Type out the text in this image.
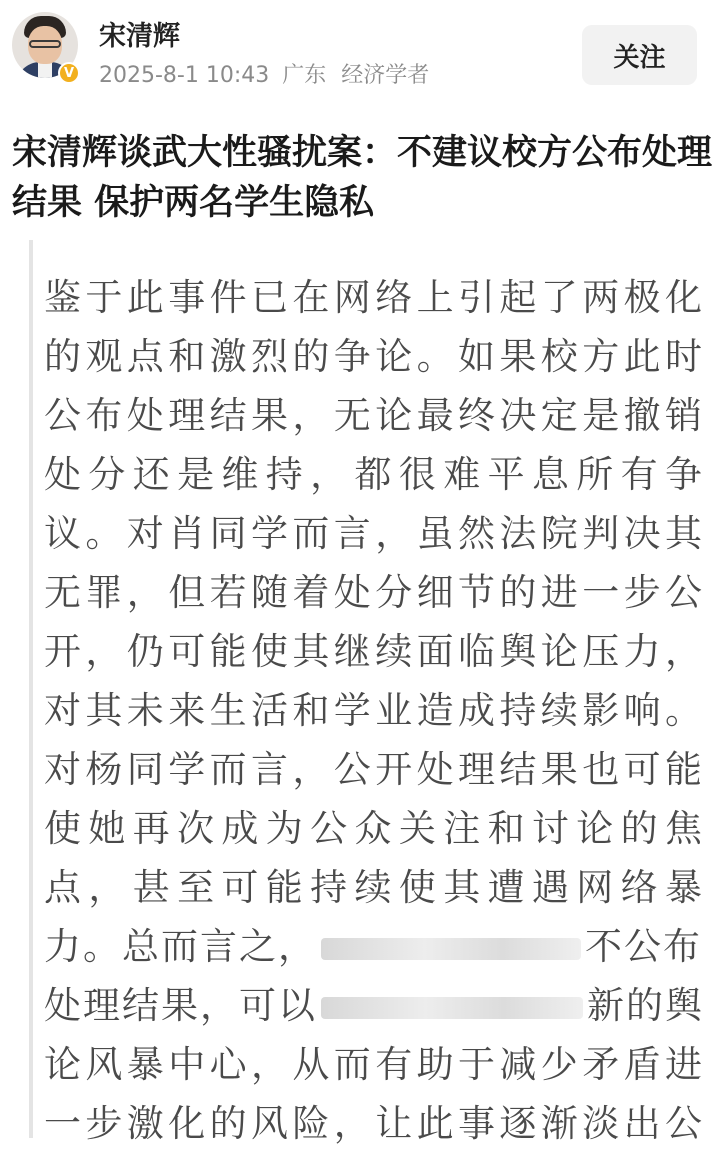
V
宋清辉
2025-8-1 10:43 广东 经济学者
关注
宋清辉谈武大性骚扰案：不建议校方公布处理结果 保护两名学生隐私
鉴于此事件已在网络上引起了两极化
的观点和激烈的争论。如果校方此时
公布处理结果，无论最终决定是撤销
处分还是维持，都很难平息所有争
议。对肖同学而言，虽然法院判决其
无罪，但若随着处分细节的进一步公
开，仍可能使其继续面临舆论压力，
对其未来生活和学业造成持续影响。
对杨同学而言，公开处理结果也可能
使她再次成为公众关注和讨论的焦
点，甚至可能持续使其遭遇网络暴
力。总而言之，	不公布
处理结果，可以	新的舆
论风暴中心，从而有助于减少矛盾进
一步激化的风险，让此事逐渐淡出公
